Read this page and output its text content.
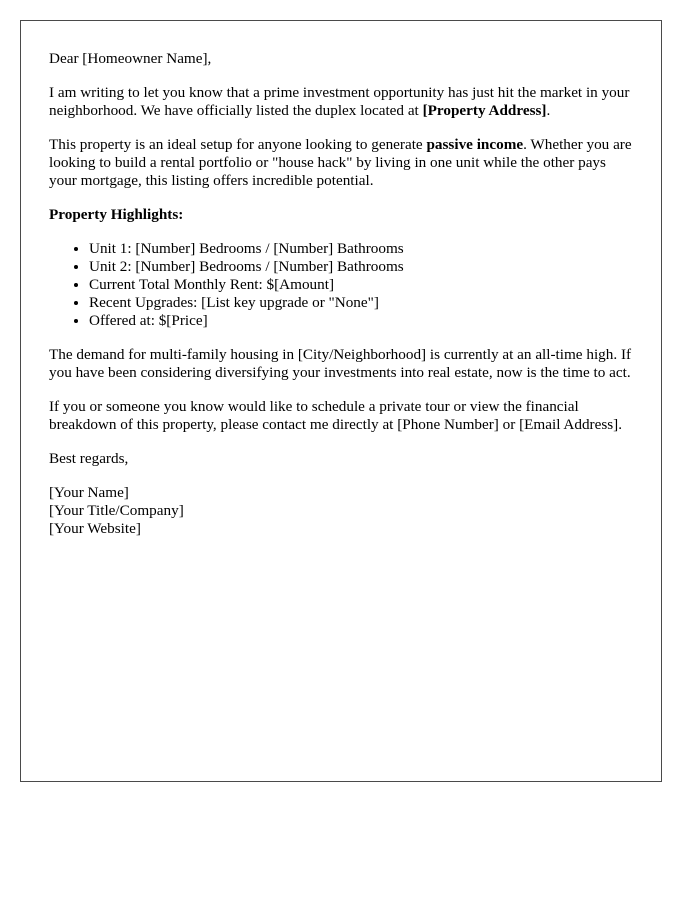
Dear [Homeowner Name],

I am writing to let you know that a prime investment opportunity has just hit the market in your neighborhood. We have officially listed the duplex located at [Property Address].

This property is an ideal setup for anyone looking to generate passive income. Whether you are looking to build a rental portfolio or "house hack" by living in one unit while the other pays your mortgage, this listing offers incredible potential.

Property Highlights:

• Unit 1: [Number] Bedrooms / [Number] Bathrooms
• Unit 2: [Number] Bedrooms / [Number] Bathrooms
• Current Total Monthly Rent: $[Amount]
• Recent Upgrades: [List key upgrade or "None"]
• Offered at: $[Price]

The demand for multi-family housing in [City/Neighborhood] is currently at an all-time high. If you have been considering diversifying your investments into real estate, now is the time to act.

If you or someone you know would like to schedule a private tour or view the financial breakdown of this property, please contact me directly at [Phone Number] or [Email Address].

Best regards,

[Your Name]
[Your Title/Company]
[Your Website]
